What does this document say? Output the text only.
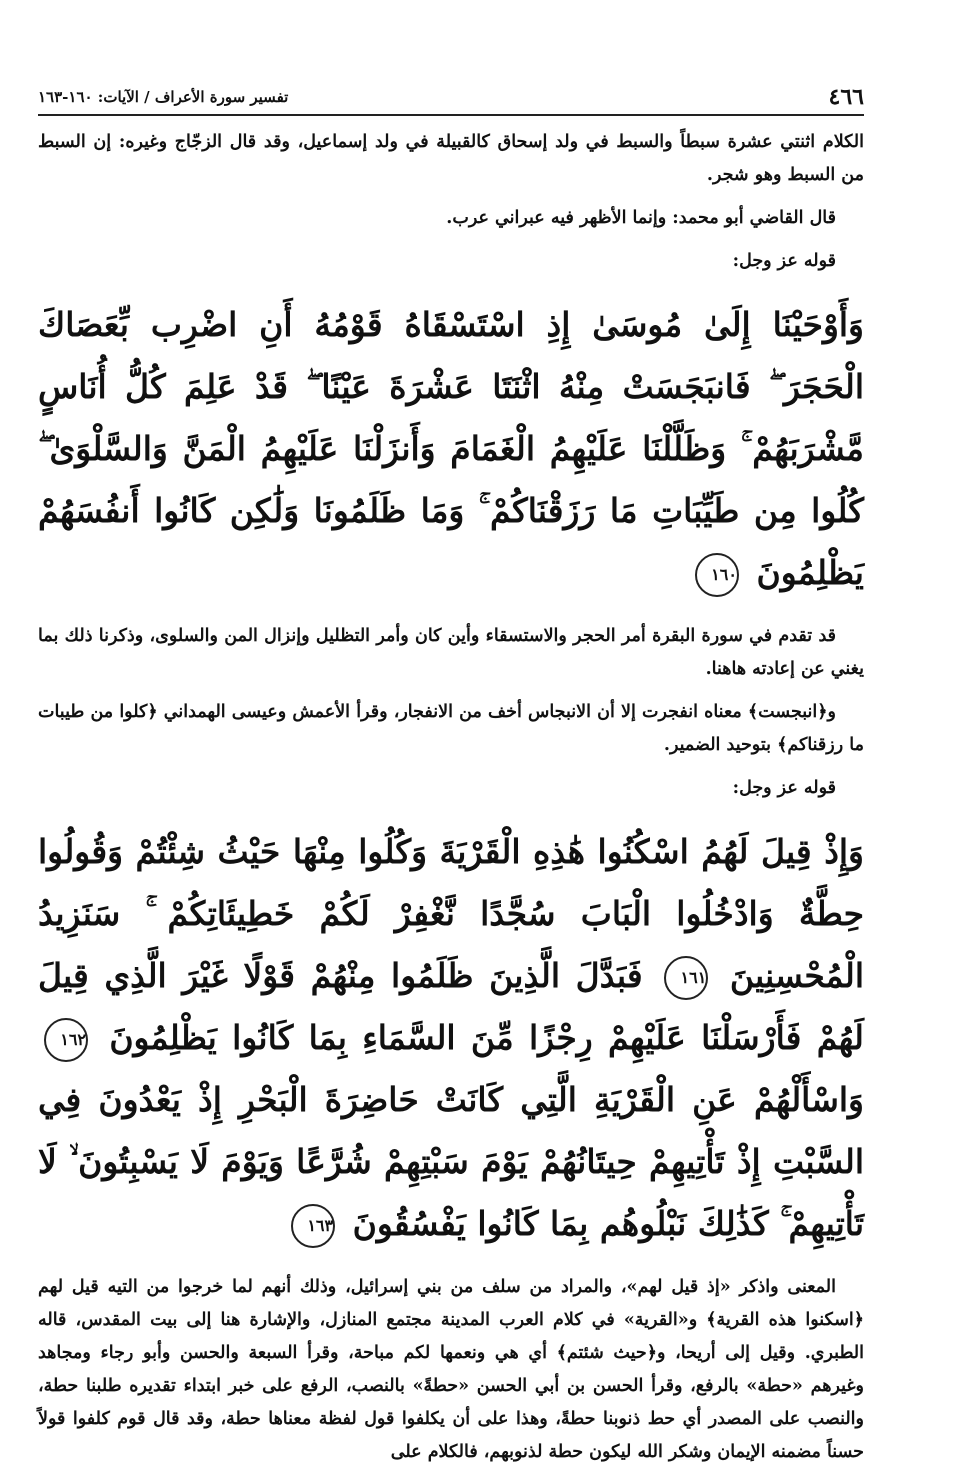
٤٦٦
تفسير سورة الأعراف / الآيات: ١٦٠-١٦٣

الكلام اثنتي عشرة سبطاً والسبط في ولد إسحاق كالقبيلة في ولد إسماعيل، وقد قال الزجّاج وغيره: إن السبط من السبط وهو شجر.

قال القاضي أبو محمد: وإنما الأظهر فيه عبراني عرب.

قوله عز وجل:

وَأَوْحَيْنَا إِلَىٰ مُوسَىٰ إِذِ اسْتَسْقَاهُ قَوْمُهُ أَنِ اضْرِب بِّعَصَاكَ الْحَجَرَ ۖ فَانبَجَسَتْ مِنْهُ اثْنَتَا عَشْرَةَ عَيْنًا ۖ قَدْ عَلِمَ كُلُّ أُنَاسٍ مَّشْرَبَهُمْ ۚ وَظَلَّلْنَا عَلَيْهِمُ الْغَمَامَ وَأَنزَلْنَا عَلَيْهِمُ الْمَنَّ وَالسَّلْوَىٰ ۖ كُلُوا مِن طَيِّبَاتِ مَا رَزَقْنَاكُمْ ۚ وَمَا ظَلَمُونَا وَلَٰكِن كَانُوا أَنفُسَهُمْ يَظْلِمُونَ ١٦٠

قد تقدم في سورة البقرة أمر الحجر والاستسقاء وأين كان وأمر التظليل وإنزال المن والسلوى، وذكرنا ذلك بما يغني عن إعادته هاهنا.

و﴿انبجست﴾ معناه انفجرت إلا أن الانبجاس أخف من الانفجار، وقرأ الأعمش وعيسى الهمداني ﴿كلوا من طيبات ما رزقناكم﴾ بتوحيد الضمير.

قوله عز وجل:

وَإِذْ قِيلَ لَهُمُ اسْكُنُوا هَٰذِهِ الْقَرْيَةَ وَكُلُوا مِنْهَا حَيْثُ شِئْتُمْ وَقُولُوا حِطَّةٌ وَادْخُلُوا الْبَابَ سُجَّدًا نَّغْفِرْ لَكُمْ خَطِيئَاتِكُمْ ۚ سَنَزِيدُ الْمُحْسِنِينَ ١٦١ فَبَدَّلَ الَّذِينَ ظَلَمُوا مِنْهُمْ قَوْلًا غَيْرَ الَّذِي قِيلَ لَهُمْ فَأَرْسَلْنَا عَلَيْهِمْ رِجْزًا مِّنَ السَّمَاءِ بِمَا كَانُوا يَظْلِمُونَ ١٦٢ وَاسْأَلْهُمْ عَنِ الْقَرْيَةِ الَّتِي كَانَتْ حَاضِرَةَ الْبَحْرِ إِذْ يَعْدُونَ فِي السَّبْتِ إِذْ تَأْتِيهِمْ حِيتَانُهُمْ يَوْمَ سَبْتِهِمْ شُرَّعًا وَيَوْمَ لَا يَسْبِتُونَ ۙ لَا تَأْتِيهِمْ ۚ كَذَٰلِكَ نَبْلُوهُم بِمَا كَانُوا يَفْسُقُونَ ١٦٣

المعنى واذكر «إذ قيل لهم»، والمراد من سلف من بني إسرائيل، وذلك أنهم لما خرجوا من التيه قيل لهم ﴿اسكنوا هذه القرية﴾ و«القرية» في كلام العرب المدينة مجتمع المنازل، والإشارة هنا إلى بيت المقدس، قاله الطبري. وقيل إلى أريحا، و﴿حيث شئتم﴾ أي هي ونعمها لكم مباحة، وقرأ السبعة والحسن وأبو رجاء ومجاهد وغيرهم «حطة» بالرفع، وقرأ الحسن بن أبي الحسن «حطةً» بالنصب، الرفع على خبر ابتداء تقديره طلبنا حطة، والنصب على المصدر أي حط ذنوبنا حطةً، وهذا على أن يكلفوا قول لفظة معناها حطة، وقد قال قوم كلفوا قولاً حسناً مضمنه الإيمان وشكر الله ليكون حطة لذنوبهم، فالكلام على
